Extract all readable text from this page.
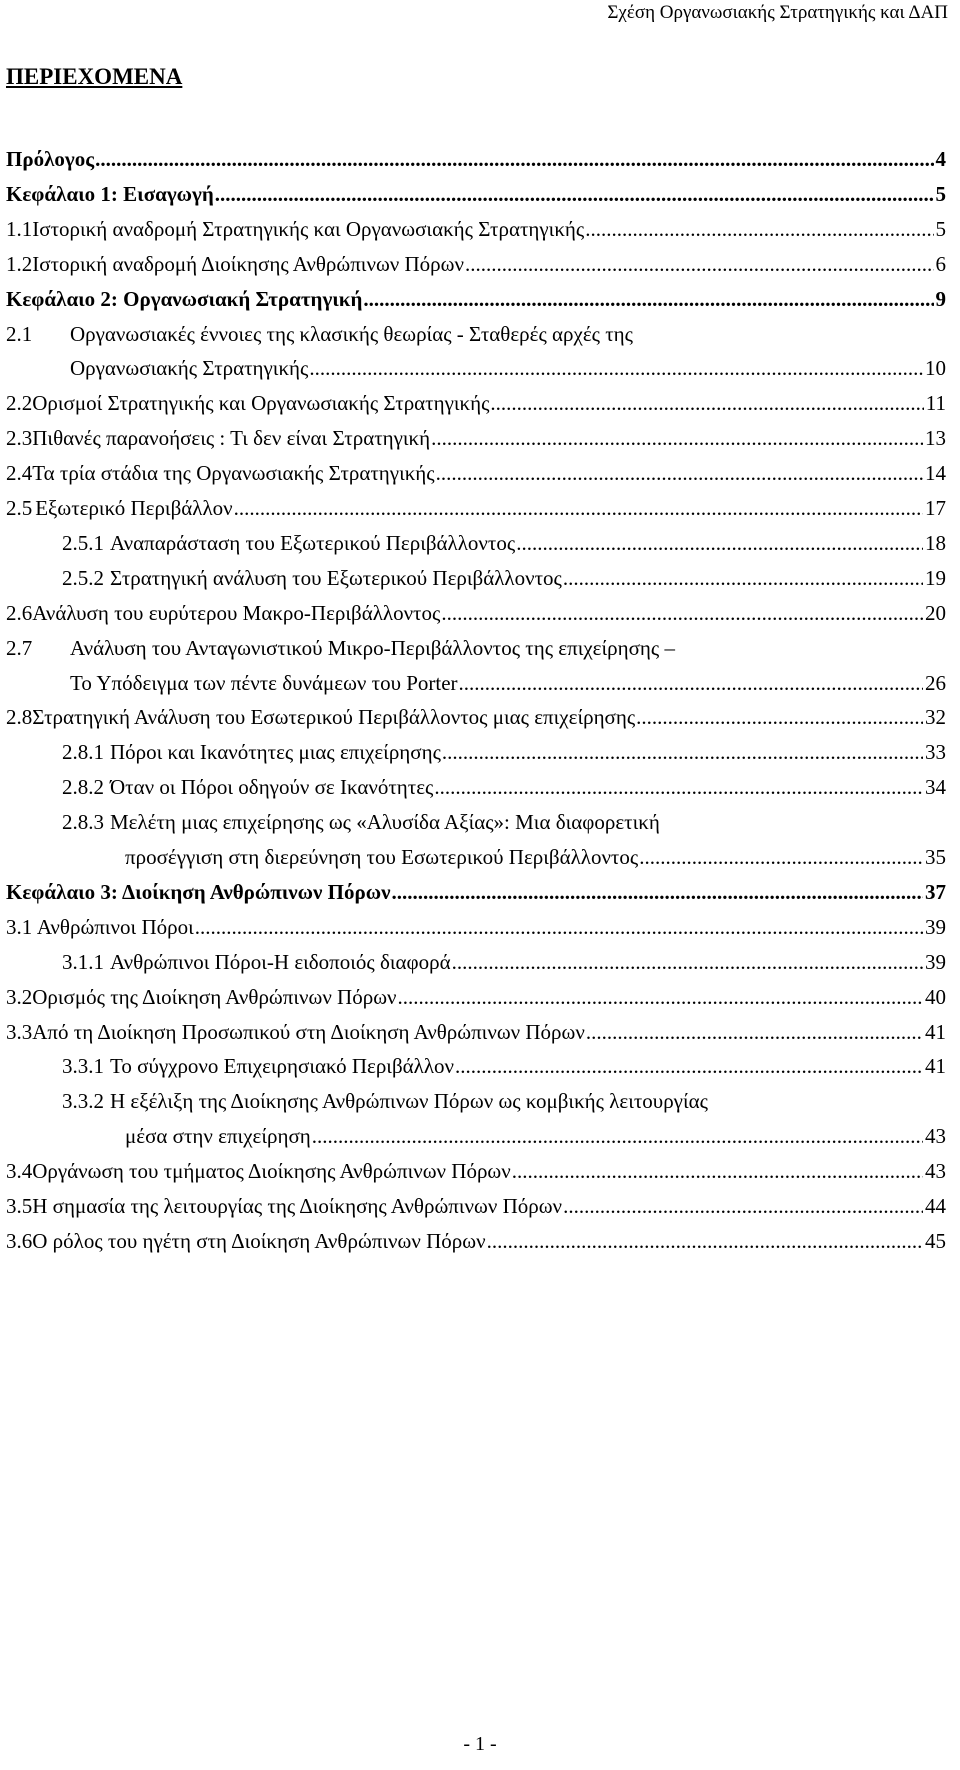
Σχέση Οργανωσιακής Στρατηγικής και ΔΑΠ
ΠΕΡΙΕΧΟΜΕΝΑ
Πρόλογος .....	4
Κεφάλαιο 1: Εισαγωγή .....	5
1.1 Ιστορική αναδρομή Στρατηγικής και Οργανωσιακής Στρατηγικής .....	5
1.2 Ιστορική αναδρομή Διοίκησης Ανθρώπινων Πόρων .....	6
Κεφάλαιο 2: Οργανωσιακή Στρατηγική .....	9
2.1	Οργανωσιακές έννοιες της κλασικής θεωρίας - Σταθερές αρχές της
Οργανωσιακής Στρατηγικής .....	10
2.2 Ορισμοί Στρατηγικής και Οργανωσιακής Στρατηγικής .....	11
2.3 Πιθανές παρανοήσεις : Τι δεν είναι Στρατηγική .....	13
2.4 Τα τρία στάδια της Οργανωσιακής Στρατηγικής .....	14
2.5 Εξωτερικό Περιβάλλον .....	17
2.5.1 Αναπαράσταση του Εξωτερικού Περιβάλλοντος .....	18
2.5.2 Στρατηγική ανάλυση του Εξωτερικού Περιβάλλοντος .....	19
2.6 Ανάλυση του ευρύτερου Μακρο-Περιβάλλοντος .....	20
2.7	Ανάλυση του Ανταγωνιστικού Μικρο-Περιβάλλοντος της επιχείρησης –
Το Υπόδειγμα των πέντε δυνάμεων του Porter .....	26
2.8 Στρατηγική Ανάλυση του Εσωτερικού Περιβάλλοντος μιας επιχείρησης .....	32
2.8.1 Πόροι και Ικανότητες μιας επιχείρησης .....	33
2.8.2 Όταν οι Πόροι οδηγούν σε Ικανότητες .....	34
2.8.3 Μελέτη μιας επιχείρησης ως «Αλυσίδα Αξίας»: Μια διαφορετική
προσέγγιση στη διερεύνηση του Εσωτερικού Περιβάλλοντος .....	35
Κεφάλαιο 3: Διοίκηση Ανθρώπινων Πόρων .....	37
3.1 Ανθρώπινοι Πόροι .....	39
3.1.1 Ανθρώπινοι Πόροι-Η ειδοποιός διαφορά .....	39
3.2 Ορισμός της Διοίκηση Ανθρώπινων Πόρων .....	40
3.3 Από τη Διοίκηση Προσωπικού στη Διοίκηση Ανθρώπινων Πόρων .....	41
3.3.1 Το σύγχρονο Επιχειρησιακό Περιβάλλον .....	41
3.3.2 Η εξέλιξη της Διοίκησης Ανθρώπινων Πόρων ως κομβικής λειτουργίας
μέσα στην επιχείρηση .....	43
3.4 Οργάνωση του τμήματος Διοίκησης Ανθρώπινων Πόρων .....	43
3.5 Η σημασία της λειτουργίας της Διοίκησης Ανθρώπινων Πόρων .....	44
3.6 Ο ρόλος του ηγέτη στη Διοίκηση Ανθρώπινων Πόρων .....	45
- 1 -
